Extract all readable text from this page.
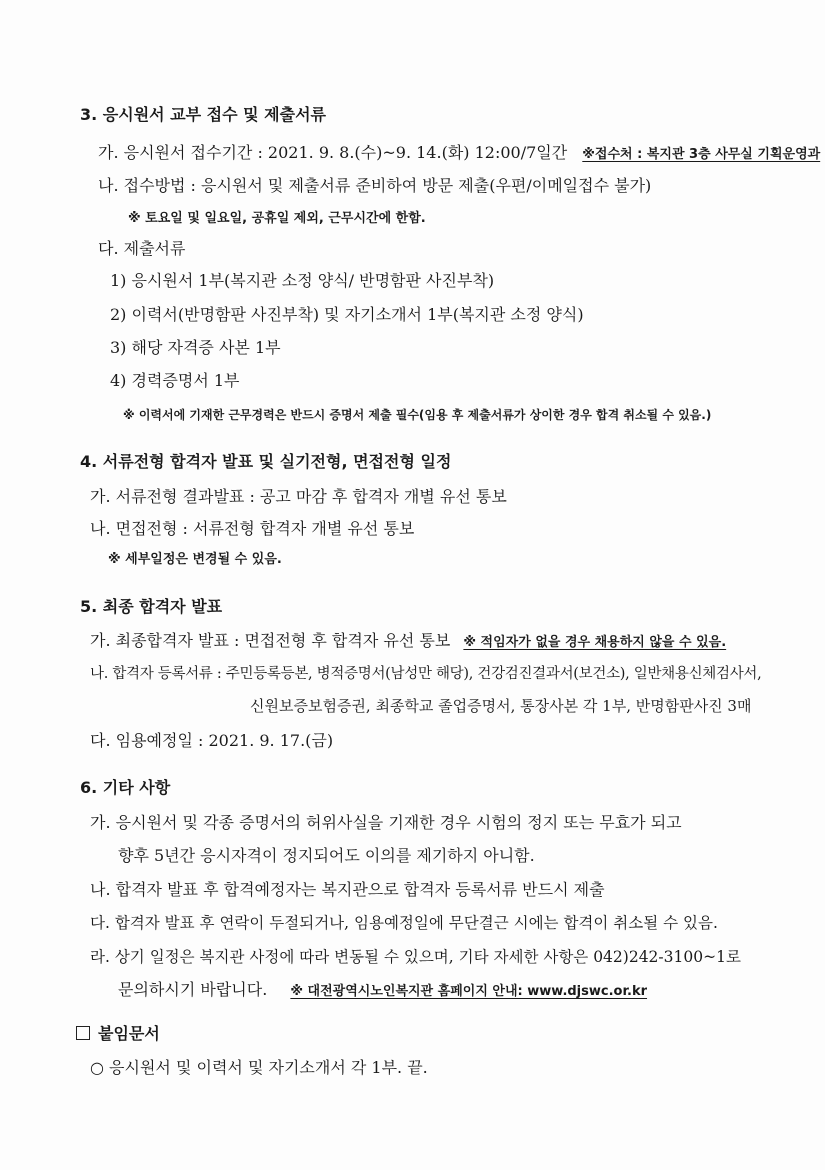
3. 응시원서 교부 접수 및 제출서류
가. 응시원서 접수기간 : 2021. 9. 8.(수)~9. 14.(화) 12:00/7일간 ※접수처 : 복지관 3층 사무실 기획운영과
나. 접수방법 : 응시원서 및 제출서류 준비하여 방문 제출(우편/이메일접수 불가)
※ 토요일 및 일요일, 공휴일 제외, 근무시간에 한함.
다. 제출서류
1) 응시원서 1부(복지관 소정 양식/ 반명함판 사진부착)
2) 이력서(반명함판 사진부착) 및 자기소개서 1부(복지관 소정 양식)
3) 해당 자격증 사본 1부
4) 경력증명서 1부
※ 이력서에 기재한 근무경력은 반드시 증명서 제출 필수(임용 후 제출서류가 상이한 경우 합격 취소될 수 있음.)
4. 서류전형 합격자 발표 및 실기전형, 면접전형 일정
가. 서류전형 결과발표 : 공고 마감 후 합격자 개별 유선 통보
나. 면접전형 : 서류전형 합격자 개별 유선 통보
※ 세부일정은 변경될 수 있음.
5. 최종 합격자 발표
가. 최종합격자 발표 : 면접전형 후 합격자 유선 통보 ※ 적임자가 없을 경우 채용하지 않을 수 있음.
나. 합격자 등록서류 : 주민등록등본, 병적증명서(남성만 해당), 건강검진결과서(보건소), 일반채용신체검사서,
신원보증보험증권, 최종학교 졸업증명서, 통장사본 각 1부, 반명함판사진 3매
다. 임용예정일 : 2021. 9. 17.(금)
6. 기타 사항
가. 응시원서 및 각종 증명서의 허위사실을 기재한 경우 시험의 정지 또는 무효가 되고
향후 5년간 응시자격이 정지되어도 이의를 제기하지 아니함.
나. 합격자 발표 후 합격예정자는 복지관으로 합격자 등록서류 반드시 제출
다. 합격자 발표 후 연락이 두절되거나, 임용예정일에 무단결근 시에는 합격이 취소될 수 있음.
라. 상기 일정은 복지관 사정에 따라 변동될 수 있으며, 기타 자세한 사항은 042)242-3100~1로
문의하시기 바랍니다. ※ 대전광역시노인복지관 홈페이지 안내: www.djswc.or.kr
붙임문서
○ 응시원서 및 이력서 및 자기소개서 각 1부. 끝.
